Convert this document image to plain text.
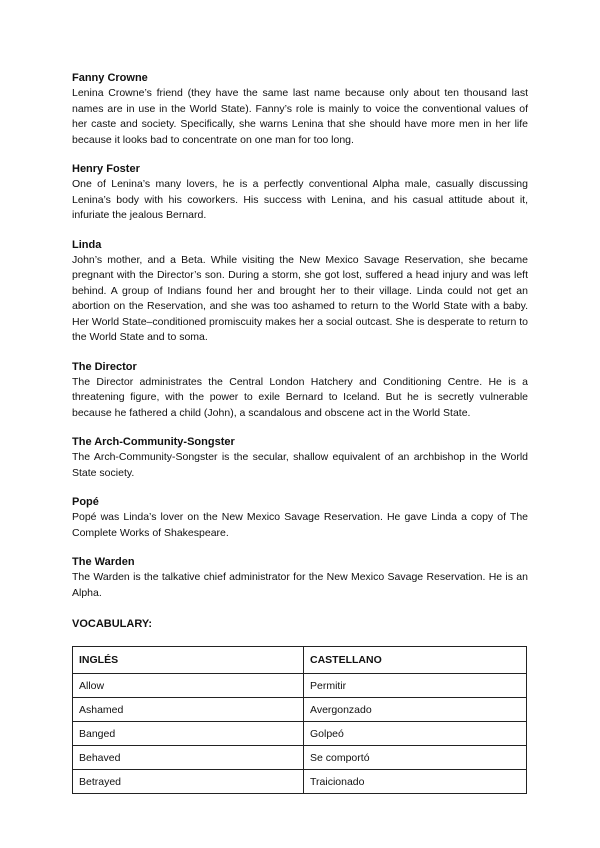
Fanny Crowne

Lenina Crowne’s friend (they have the same last name because only about ten thousand last names are in use in the World State). Fanny’s role is mainly to voice the conventional values of her caste and society. Specifically, she warns Lenina that she should have more men in her life because it looks bad to concentrate on one man for too long.

Henry Foster

One of Lenina’s many lovers, he is a perfectly conventional Alpha male, casually discussing Lenina’s body with his coworkers. His success with Lenina, and his casual attitude about it, infuriate the jealous Bernard.

Linda

John’s mother, and a Beta. While visiting the New Mexico Savage Reservation, she became pregnant with the Director’s son. During a storm, she got lost, suffered a head injury and was left behind. A group of Indians found her and brought her to their village. Linda could not get an abortion on the Reservation, and she was too ashamed to return to the World State with a baby. Her World State–conditioned promiscuity makes her a social outcast. She is desperate to return to the World State and to soma.

The Director

The Director administrates the Central London Hatchery and Conditioning Centre. He is a threatening figure, with the power to exile Bernard to Iceland. But he is secretly vulnerable because he fathered a child (John), a scandalous and obscene act in the World State.

The Arch-Community-Songster

The Arch-Community-Songster is the secular, shallow equivalent of an archbishop in the World State society.

Popé

Popé was Linda’s lover on the New Mexico Savage Reservation. He gave Linda a copy of The Complete Works of Shakespeare.

The Warden

The Warden is the talkative chief administrator for the New Mexico Savage Reservation. He is an Alpha.

VOCABULARY:

INGLÉS	CASTELLANO
Allow	Permitir
Ashamed	Avergonzado
Banged	Golpeó
Behaved	Se comportó
Betrayed	Traicionado
